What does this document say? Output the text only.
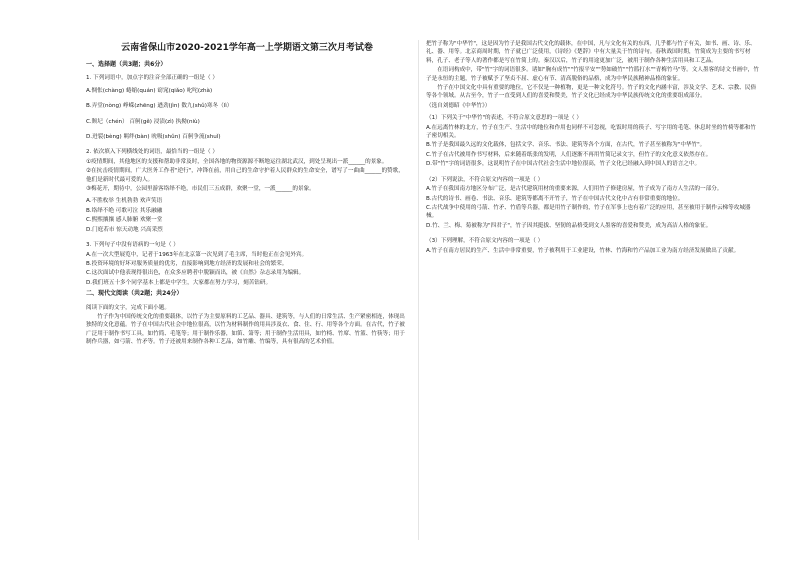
云南省保山市2020-2021学年高一上学期语文第三次月考试卷
一、选择题（共3题；共6分）
1. 下列词语中，加点字的注音全部正确的一组是（ ）
A.惆怅(chàng) 蜷缩(quán) 窈窕(qiǎo) 叱咤(zhà)
B.弄堂(nòng) 峥嵘(zhēng) 遒劲(jìn) 数九(shǔ)寒冬（lì）
C.颓圮（chén） 百舸(gě) 浸渍(zì) 执拗(niù)
D.迸裂(bèng) 羁绊(bàn) 吮吸(shǔn) 百舸争流(shuǐ)
2. 依次填入下列横线处的词语，最恰当的一组是（ ）
①疫情期间，其他地区的支援和帮助非常及时，全国各地的物资源源不断地运往湖北武汉，到处呈现出一派______的景象。
②在抗击疫情期间，广大医务工作者"逆行"，冲锋在前，用自己的生命守护着人民群众的生命安全，谱写了一曲曲______的赞歌，他们是新时代最可爱的人。
③梅花开，期待中，公园里游客络绎不绝，市民们三五成群，欢聚一堂，一派______的景象。
A.不胜枚举 生机勃勃 欢声笑语
B.络绎不绝 可歌可泣 其乐融融
C.熙熙攘攘 感人肺腑 欢聚一堂
D.门庭若市 惊天动地 兴高采烈
3. 下列句子中没有语病的一句是（ ）
A.在一次大型展览中，记者于1963年在北京第一次见到了毛主席，当时他正在会见外宾。
B.投资环境的好坏对服务质量的优劣，直接影响到地方经济的发展和社会的繁荣。
C.这次面试中他表现得很出色，在众多应聘者中脱颖而出，被《自然》杂志录用为编辑。
D.我们班五十多个同学基本上都是中学生，大家都在努力学习，刻苦钻研。
二、现代文阅读（共2题；共24分）
阅读下面的文字，完成下面小题。
竹子作为中国传统文化的重要载体，以竹子为主要原料的工艺品、器具、建筑等，与人们的日常生活、生产紧密相连，体现出独特的文化意蕴。竹子在中国古代社会中地位很高，以竹为材料制作的用具涉及衣、食、住、行、用等各个方面。在古代，竹子被广泛用于制作书写工具，如竹简、毛笔等；用于制作乐器，如笛、箫等；用于制作生活用具，如竹椅、竹席、竹篮、竹筷等；用于制作兵器，如弓箭、竹矛等。竹子还被用来制作各种工艺品，如竹雕、竹编等，具有很高的艺术价值。
把竹子称为"中华竹"，这是因为竹子是我国古代文化的载体，在中国，凡与文化有关的东西，几乎都与竹子有关，如书、画、诗、乐、礼、器、用等。北京商周时期，竹子就已广泛使用，《诗经》《楚辞》中有大量关于竹的诗句。春秋战国时期，竹简成为主要的书写材料，孔子、老子等人的著作都是写在竹简上的。秦汉以后，竹子的用途更加广泛，被用于制作各种生活用具和工艺品。
在语词构成中，带"竹"字的词语很多。诸如"胸有成竹""竹报平安""势如破竹""竹篮打水""青梅竹马"等。文人墨客的诗文书画中，竹子是永恒的主题，竹子被赋予了坚贞不屈、虚心有节、清高脱俗的品格，成为中华民族精神品格的象征。
竹子在中国文化中具有重要的地位，它不仅是一种植物，更是一种文化符号。竹子的文化内涵丰富，涉及文学、艺术、宗教、民俗等各个领域。从古至今，竹子一直受到人们的喜爱和赞美，竹子文化已经成为中华民族传统文化的重要组成部分。
（选自刘德昭《中华竹》）
（1）下列关于"中华竹"的表述，不符合原文意思的一项是（ ）
A.在远离竹林的北方，竹子在生产、生活中的地位和作用也同样不可忽视，吃饭时用的筷子、写字用的毛笔、休息时坐的竹椅等都和竹子密切相关。
B.竹子是我国最久远的文化载体，包括文学、音乐、书法、建筑等各个方面，在古代，竹子甚至被称为"中华竹"。
C.竹子在古代被用作书写材料，后来随着纸张的发明，人们逐渐不再用竹简记录文字，但竹子的文化意义依然存在。
D.带"竹"字的词语很多，这说明竹子在中国古代社会生活中地位很高，竹子文化已经融入到中国人的语言之中。
（2）下列说法，不符合原文内容的一项是（ ）
A.竹子在我国南方地区分布广泛，是古代建筑用材的重要来源，人们用竹子修建房屋，竹子成为了南方人生活的一部分。
B.古代的诗书、画卷、书法、音乐、建筑等都离不开竹子，竹子在中国古代文化中占有非常重要的地位。
C.古代战争中使用的弓箭、竹矛、竹盾等兵器，都是用竹子制作的，竹子在军事上也有着广泛的应用，甚至被用于制作云梯等攻城器械。
D.竹、兰、梅、菊被称为"四君子"，竹子因其挺拔、坚韧的品格受到文人墨客的喜爱和赞美，成为高洁人格的象征。
（3）下列理解，不符合原文内容的一项是（ ）
A.竹子在南方居民的生产、生活中非常重要，竹子被利用于工业建设，竹林、竹海和竹产品加工业为南方经济发展做出了贡献。
